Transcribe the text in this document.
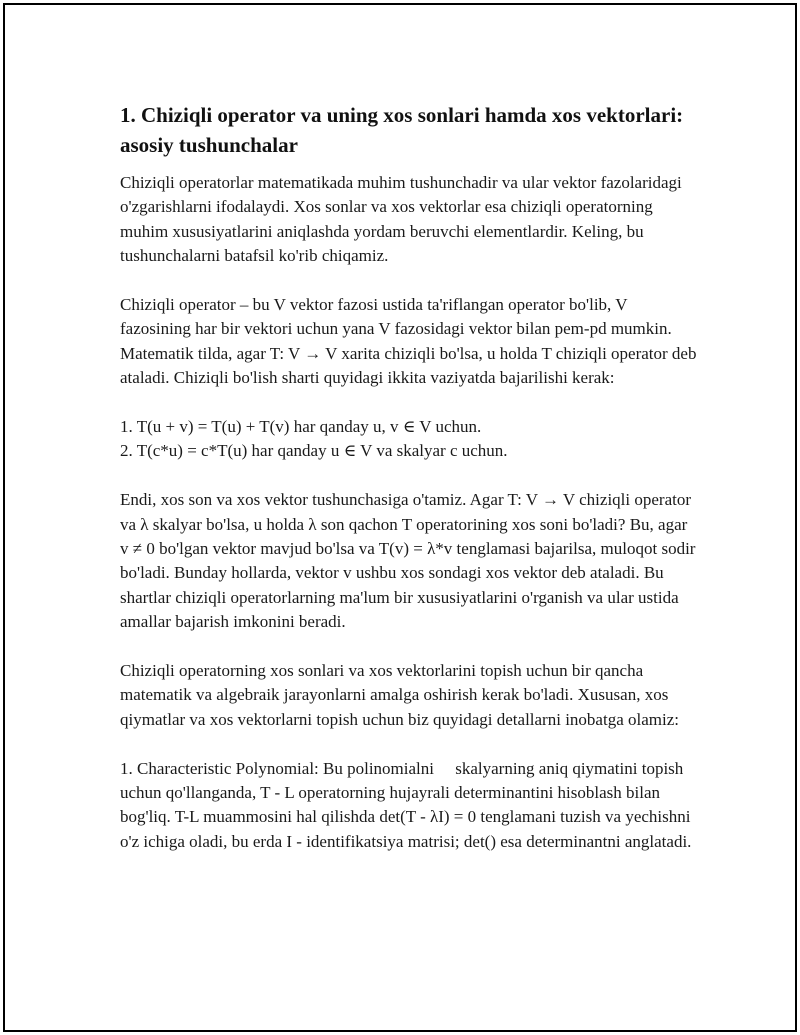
1. Chiziqli operator va uning xos sonlari hamda xos vektorlari: asosiy tushunchalar

Chiziqli operatorlar matematikada muhim tushunchadir va ular vektor fazolaridagi o'zgarishlarni ifodalaydi. Xos sonlar va xos vektorlar esa chiziqli operatorning muhim xususiyatlarini aniqlashda yordam beruvchi elementlardir. Keling, bu tushunchalarni batafsil ko'rib chiqamiz.

Chiziqli operator – bu V vektor fazosi ustida ta'riflangan operator bo'lib, V fazosining har bir vektori uchun yana V fazosidagi vektor bilan pem-pd mumkin. Matematik tilda, agar T: V → V xarita chiziqli bo'lsa, u holda T chiziqli operator deb ataladi. Chiziqli bo'lish sharti quyidagi ikkita vaziyatda bajarilishi kerak:

1. T(u + v) = T(u) + T(v) har qanday u, v ∈ V uchun.

2. T(c*u) = c*T(u) har qanday u ∈ V va skalyar c uchun.

Endi, xos son va xos vektor tushunchasiga o'tamiz. Agar T: V → V chiziqli operator va λ skalyar bo'lsa, u holda λ son qachon T operatorining xos soni bo'ladi? Bu, agar v ≠ 0 bo'lgan vektor mavjud bo'lsa va T(v) = λ*v tenglamasi bajarilsa, muloqot sodir bo'ladi. Bunday hollarda, vektor v ushbu xos sondagi xos vektor deb ataladi. Bu shartlar chiziqli operatorlarning ma'lum bir xususiyatlarini o'rganish va ular ustida amallar bajarish imkonini beradi.

Chiziqli operatorning xos sonlari va xos vektorlarini topish uchun bir qancha matematik va algebraik jarayonlarni amalga oshirish kerak bo'ladi. Xususan, xos qiymatlar va xos vektorlarni topish uchun biz quyidagi detallarni inobatga olamiz:

1. Characteristic Polynomial: Bu polinomialni     skalyarning aniq qiymatini topish uchun qo'llanganda, T - L operatorning hujayrali determinantini hisoblash bilan bog'liq. T-L muammosini hal qilishda det(T - λI) = 0 tenglamani tuzish va yechishni o'z ichiga oladi, bu erda I - identifikatsiya matrisi; det() esa determinantni anglatadi.
